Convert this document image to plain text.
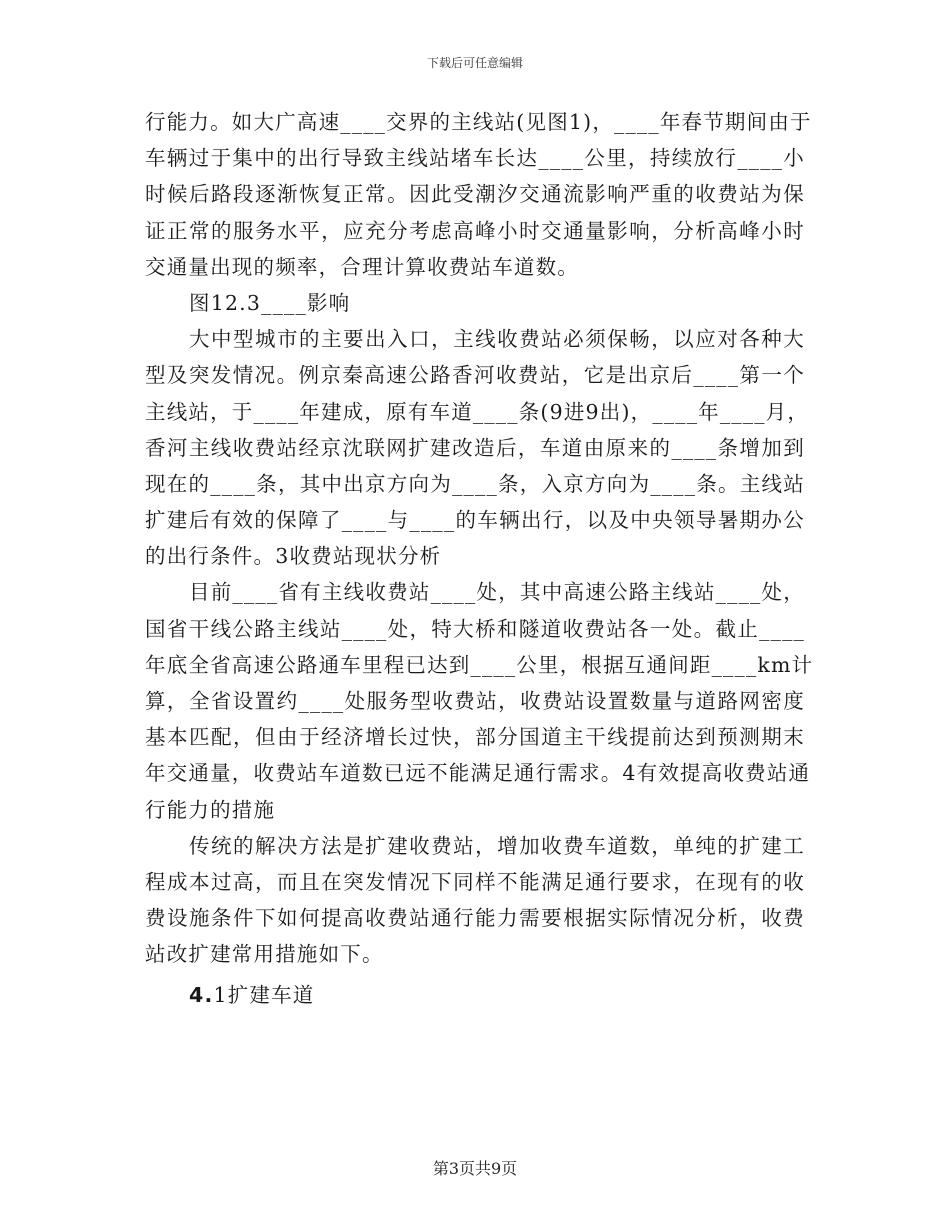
下载后可任意编辑
行能力。如大广高速____交界的主线站(见图1)，____年春节期间由于
车辆过于集中的出行导致主线站堵车长达____公里，持续放行____小
时候后路段逐渐恢复正常。因此受潮汐交通流影响严重的收费站为保
证正常的服务水平，应充分考虑高峰小时交通量影响，分析高峰小时
交通量出现的频率，合理计算收费站车道数。
图12.3____影响
大中型城市的主要出入口，主线收费站必须保畅，以应对各种大
型及突发情况。例京秦高速公路香河收费站，它是出京后____第一个
主线站，于____年建成，原有车道____条(9进9出)，____年____月，
香河主线收费站经京沈联网扩建改造后，车道由原来的____条增加到
现在的____条，其中出京方向为____条，入京方向为____条。主线站
扩建后有效的保障了____与____的车辆出行，以及中央领导暑期办公
的出行条件。3收费站现状分析
目前____省有主线收费站____处，其中高速公路主线站____处，
国省干线公路主线站____处，特大桥和隧道收费站各一处。截止____
年底全省高速公路通车里程已达到____公里，根据互通间距____km计
算，全省设置约____处服务型收费站，收费站设置数量与道路网密度
基本匹配，但由于经济增长过快，部分国道主干线提前达到预测期末
年交通量，收费站车道数已远不能满足通行需求。4有效提高收费站通
行能力的措施
传统的解决方法是扩建收费站，增加收费车道数，单纯的扩建工
程成本过高，而且在突发情况下同样不能满足通行要求，在现有的收
费设施条件下如何提高收费站通行能力需要根据实际情况分析，收费
站改扩建常用措施如下。
4.1扩建车道
第3页共9页
